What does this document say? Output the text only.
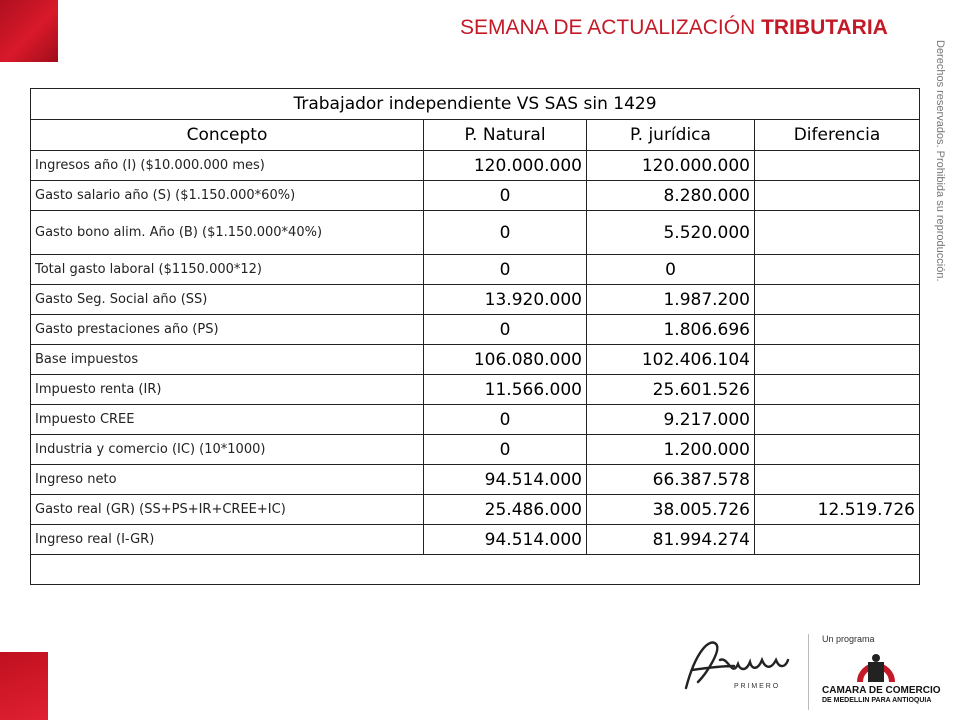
SEMANA DE ACTUALIZACIÓN TRIBUTARIA
Derechos reservados. Prohibida su reproducción.
Trabajador independiente VS SAS sin 1429			
Concepto	P. Natural	P. jurídica	Diferencia
Ingresos año (I) ($10.000.000 mes)	120.000.000	120.000.000	
Gasto salario año (S) ($1.150.000*60%)	0	8.280.000	
Gasto bono alim. Año (B) ($1.150.000*40%)	0	5.520.000	
Total gasto laboral ($1150.000*12)	0	0	
Gasto Seg. Social año (SS)	13.920.000	1.987.200	
Gasto prestaciones año (PS)	0	1.806.696	
Base impuestos	106.080.000	102.406.104	
Impuesto renta (IR)	11.566.000	25.601.526	
Impuesto CREE	0	9.217.000	
Industria y comercio (IC) (10*1000)	0	1.200.000	
Ingreso neto	94.514.000	66.387.578	
Gasto real (GR) (SS+PS+IR+CREE+IC)	25.486.000	38.005.726	12.519.726
Ingreso real (I-GR)	94.514.000	81.994.274	

P R I M E R O
Un programa
CAMARA DE COMERCIO
DE MEDELLIN PARA ANTIOQUIA
